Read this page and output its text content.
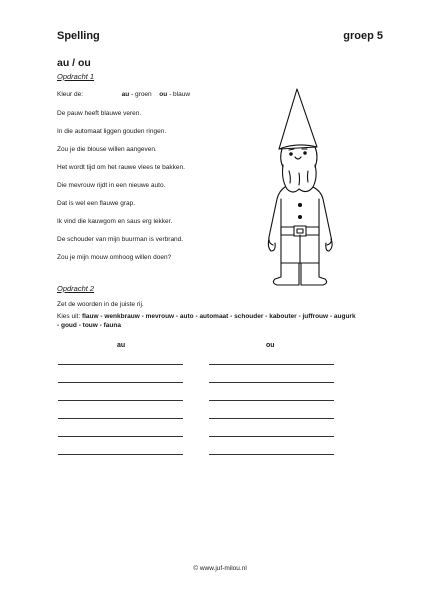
Spelling	groep 5
au / ou
Opdracht 1
Kleur de:	au - groen ou - blauw
De pauw heeft blauwe veren.
In die automaat liggen gouden ringen.
Zou je die blouse willen aangeven.
Het wordt tijd om het rauwe vlees te bakken.
Die mevrouw rijdt in een nieuwe auto.
Dat is wel een flauwe grap.
Ik vind die kauwgom en saus erg lekker.
De schouder van mijn buurman is verbrand.
Zou je mijn mouw omhoog willen doen?
Opdracht 2
Zet de woorden in de juiste rij.
Kies uit: flauw - wenkbrauw - mevrouw - auto - automaat - schouder - kabouter - juffrouw - augurk
- goud - touw - fauna
au	ou
© www.juf-milou.nl
